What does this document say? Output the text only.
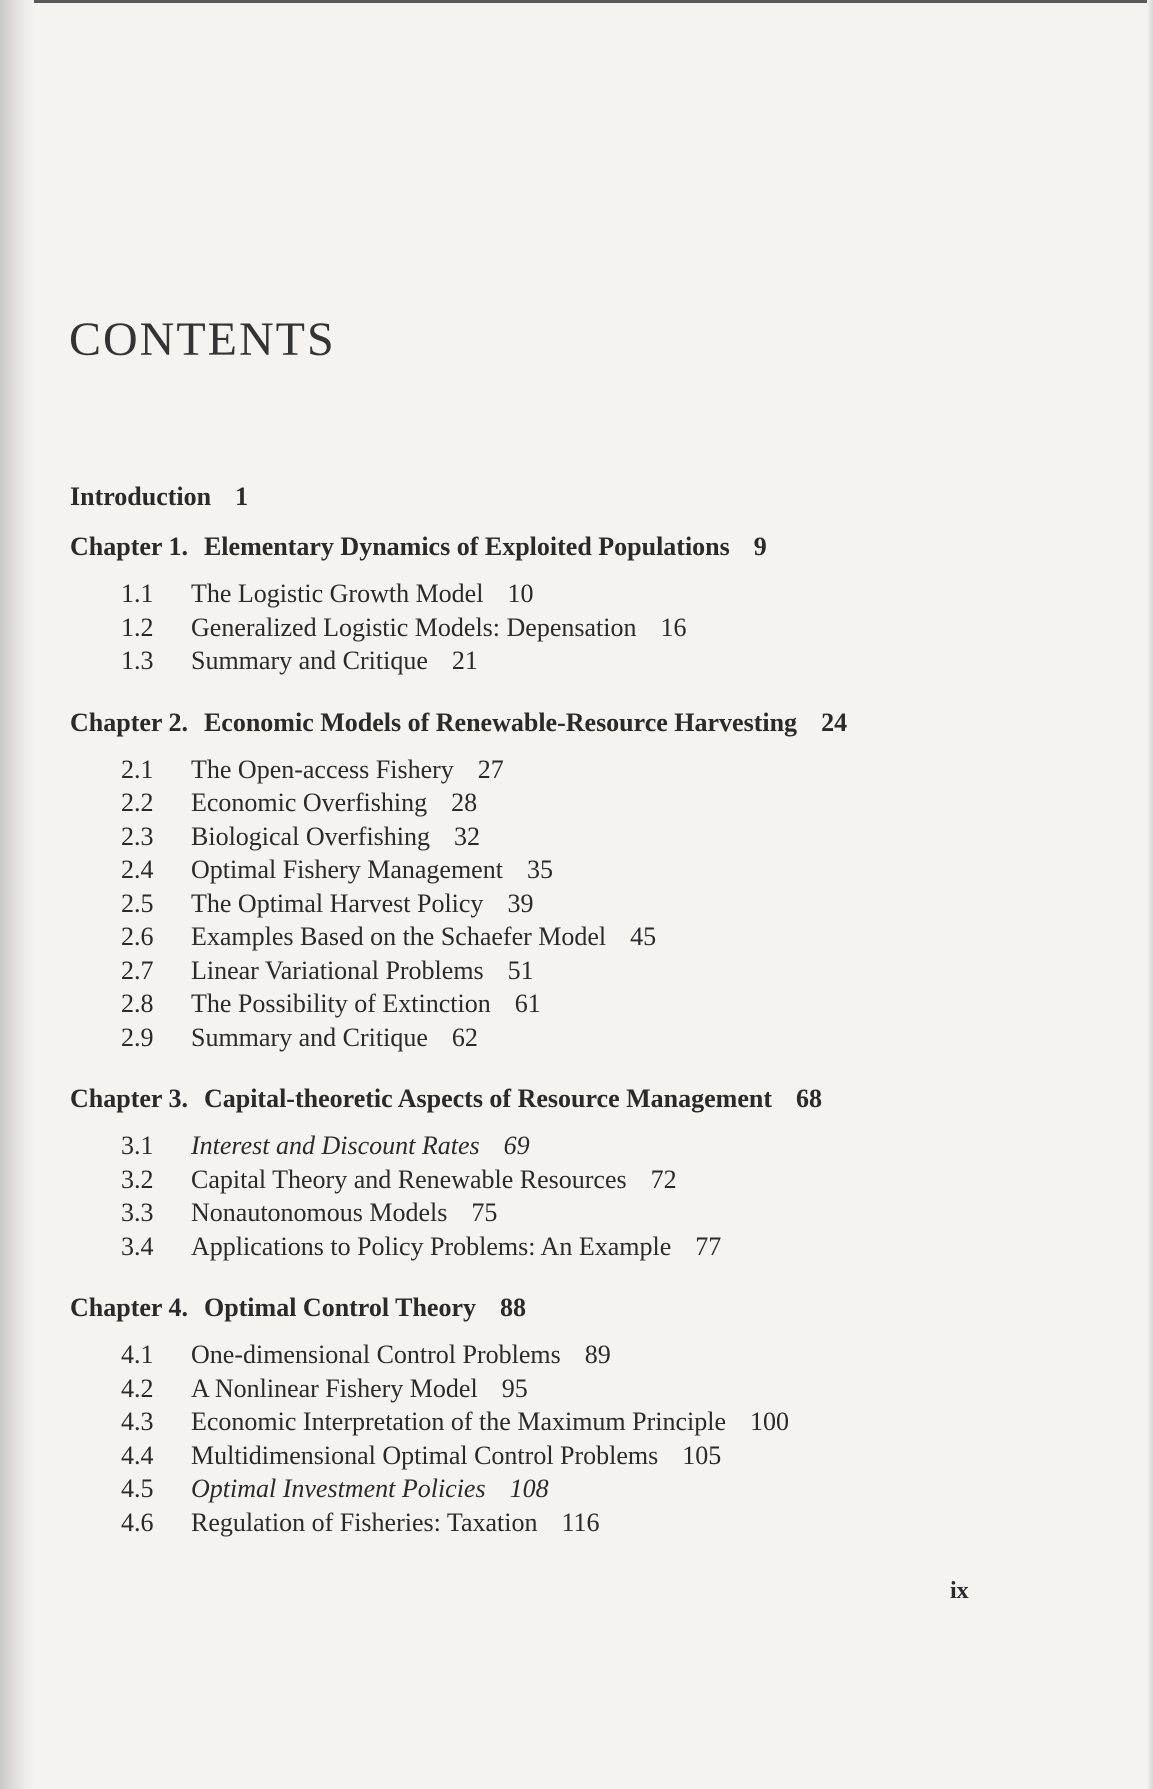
CONTENTS
Introduction 1
Chapter 1. Elementary Dynamics of Exploited Populations 9
1.1 The Logistic Growth Model 10
1.2 Generalized Logistic Models: Depensation 16
1.3 Summary and Critique 21
Chapter 2. Economic Models of Renewable-Resource Harvesting 24
2.1 The Open-access Fishery 27
2.2 Economic Overfishing 28
2.3 Biological Overfishing 32
2.4 Optimal Fishery Management 35
2.5 The Optimal Harvest Policy 39
2.6 Examples Based on the Schaefer Model 45
2.7 Linear Variational Problems 51
2.8 The Possibility of Extinction 61
2.9 Summary and Critique 62
Chapter 3. Capital-theoretic Aspects of Resource Management 68
3.1 Interest and Discount Rates 69
3.2 Capital Theory and Renewable Resources 72
3.3 Nonautonomous Models 75
3.4 Applications to Policy Problems: An Example 77
Chapter 4. Optimal Control Theory 88
4.1 One-dimensional Control Problems 89
4.2 A Nonlinear Fishery Model 95
4.3 Economic Interpretation of the Maximum Principle 100
4.4 Multidimensional Optimal Control Problems 105
4.5 Optimal Investment Policies 108
4.6 Regulation of Fisheries: Taxation 116
ix
